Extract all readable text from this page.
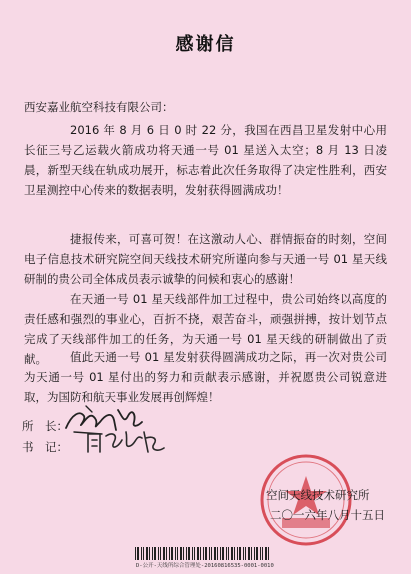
感谢信
西安嘉业航空科技有限公司：
2016 年 8 月 6 日 0 时 22 分，我国在西昌卫星发射中心用长征三号乙运载火箭成功将天通一号 01 星送入太空；8 月 13 日凌晨，新型天线在轨成功展开，标志着此次任务取得了决定性胜利，西安卫星测控中心传来的数据表明，发射获得圆满成功！
捷报传来，可喜可贺！在这激动人心、群情振奋的时刻，空间电子信息技术研究院空间天线技术研究所谨向参与天通一号 01 星天线研制的贵公司全体成员表示诚挚的问候和衷心的感谢！
在天通一号 01 星天线部件加工过程中，贵公司始终以高度的责任感和强烈的事业心，百折不挠，艰苦奋斗，顽强拼搏，按计划节点完成了天线部件加工的任务，为天通一号 01 星天线的研制做出了贡献。	值此天通一号 01 星发射获得圆满成功之际，再一次对贵公司为天通一号 01 星付出的努力和贡献表示感谢，并祝愿贵公司锐意进取，为国防和航天事业发展再创辉煌！
所　长：
书　记：
空间天线技术研究所
二〇一六年八月十五日
D-公开-天线所综合管理处-20160816535-0001-0010
